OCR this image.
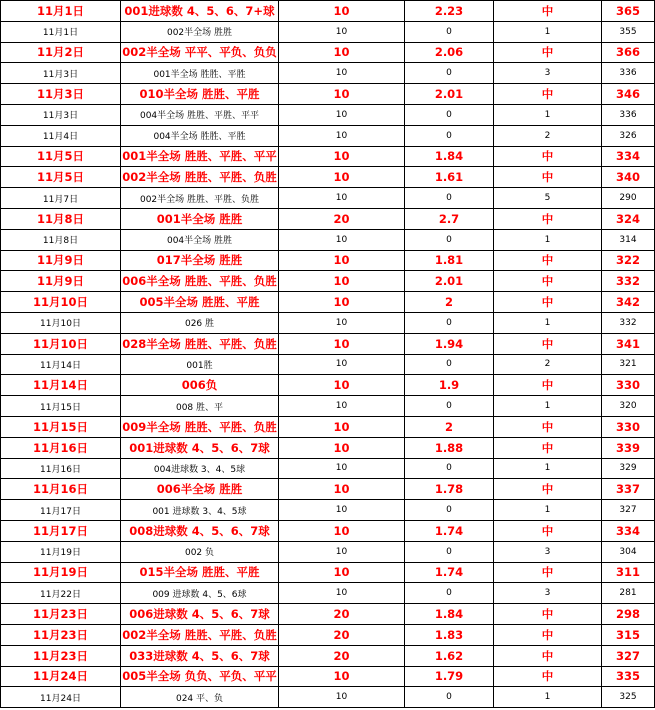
11月1日	001进球数 4、5、6、7+球	10	2.23	中	365
11月1日	002半全场 胜胜	10	0	1	355
11月2日	002半全场 平平、平负、负负	10	2.06	中	366
11月3日	001半全场 胜胜、平胜	10	0	3	336
11月3日	010半全场 胜胜、平胜	10	2.01	中	346
11月3日	004半全场 胜胜、平胜、平平	10	0	1	336
11月4日	004半全场 胜胜、平胜	10	0	2	326
11月5日	001半全场 胜胜、平胜、平平	10	1.84	中	334
11月5日	002半全场 胜胜、平胜、负胜	10	1.61	中	340
11月7日	002半全场 胜胜、平胜、负胜	10	0	5	290
11月8日	001半全场 胜胜	20	2.7	中	324
11月8日	004半全场 胜胜	10	0	1	314
11月9日	017半全场 胜胜	10	1.81	中	322
11月9日	006半全场 胜胜、平胜、负胜	10	2.01	中	332
11月10日	005半全场 胜胜、平胜	10	2	中	342
11月10日	026 胜	10	0	1	332
11月10日	028半全场 胜胜、平胜、负胜	10	1.94	中	341
11月14日	001胜	10	0	2	321
11月14日	006负	10	1.9	中	330
11月15日	008 胜、平	10	0	1	320
11月15日	009半全场 胜胜、平胜、负胜	10	2	中	330
11月16日	001进球数 4、5、6、7球	10	1.88	中	339
11月16日	004进球数 3、4、5球	10	0	1	329
11月16日	006半全场 胜胜	10	1.78	中	337
11月17日	001 进球数 3、4、5球	10	0	1	327
11月17日	008进球数 4、5、6、7球	10	1.74	中	334
11月19日	002 负	10	0	3	304
11月19日	015半全场 胜胜、平胜	10	1.74	中	311
11月22日	009 进球数 4、5、6球	10	0	3	281
11月23日	006进球数 4、5、6、7球	20	1.84	中	298
11月23日	002半全场 胜胜、平胜、负胜	20	1.83	中	315
11月23日	033进球数 4、5、6、7球	20	1.62	中	327
11月24日	005半全场 负负、平负、平平	10	1.79	中	335
11月24日	024 平、负	10	0	1	325
